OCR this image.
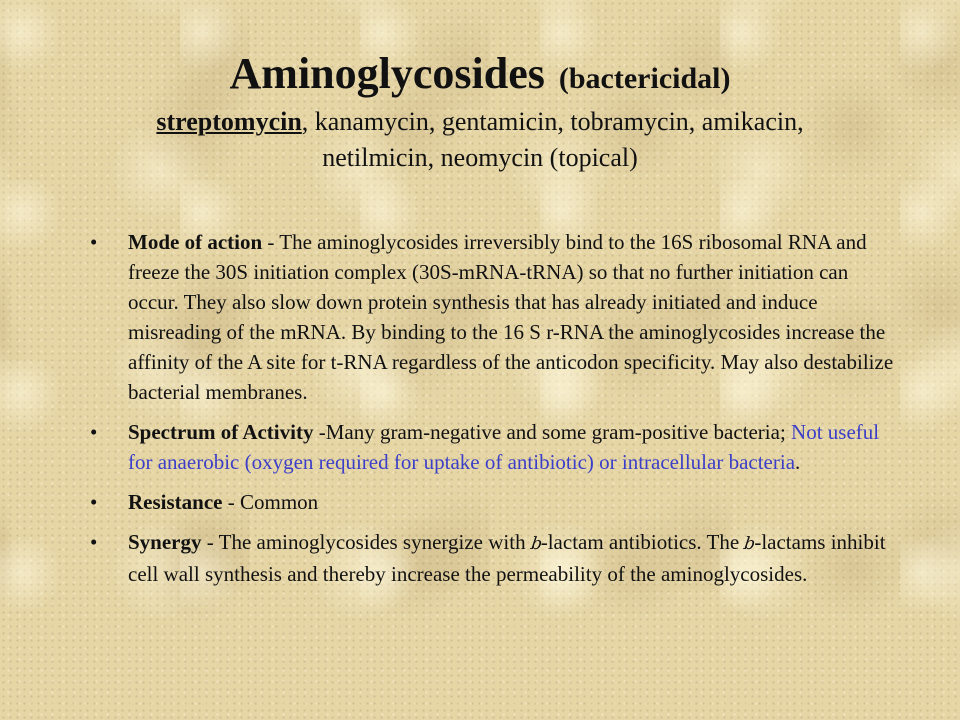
Aminoglycosides (bactericidal)
streptomycin, kanamycin, gentamicin, tobramycin, amikacin,
netilmicin, neomycin (topical)
• Mode of action - The aminoglycosides irreversibly bind to the 16S ribosomal RNA and freeze the 30S initiation complex (30S-mRNA-tRNA) so that no further initiation can occur. They also slow down protein synthesis that has already initiated and induce misreading of the mRNA. By binding to the 16 S r-RNA the aminoglycosides increase the affinity of the A site for t-RNA regardless of the anticodon specificity. May also destabilize bacterial membranes.
• Spectrum of Activity -Many gram-negative and some gram-positive bacteria; Not useful for anaerobic (oxygen required for uptake of antibiotic) or intracellular bacteria.
• Resistance - Common
• Synergy - The aminoglycosides synergize with b-lactam antibiotics. The b-lactams inhibit cell wall synthesis and thereby increase the permeability of the aminoglycosides.
